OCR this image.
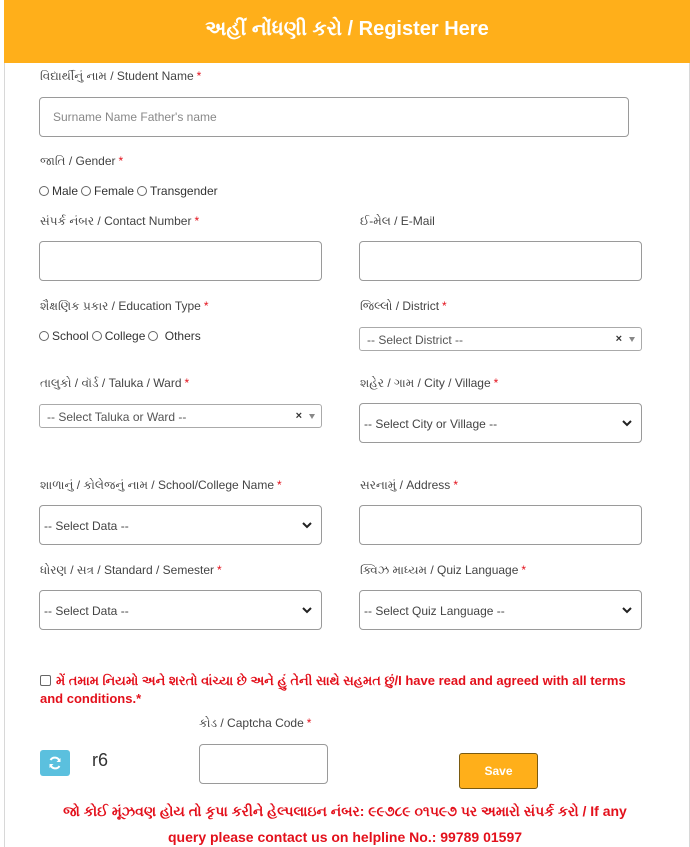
અહીં નોંધણી કરો / Register Here
વિદ્યાર્થીનું નામ / Student Name *
Surname Name Father's name
જાતિ / Gender *
Male Female Transgender
સંપર્ક નંબર / Contact Number *	ઈ-મેલ / E-Mail
શૈક્ષણિક પ્રકાર / Education Type *
School College Others
જિલ્લો / District *
-- Select District --	×
તાલુકો / વૉર્ડ / Taluka / Ward *
-- Select Taluka or Ward --	×
શહેર / ગામ / City / Village *
-- Select City or Village --
શાળાનું / કોલેજનું નામ / School/College Name *
-- Select Data --
સરનામું / Address *
ધોરણ / સત્ર / Standard / Semester *
-- Select Data --
ક્વિઝ માધ્યમ / Quiz Language *
-- Select Quiz Language --
મેં તમામ નિયમો અને શરતો વાંચ્યા છે અને હું તેની સાથે સહમત છું/I have read and agreed with all terms and conditions.*
કોડ / Captcha Code *
r6
Save
જો કોઈ મૂંઝવણ હોય તો કૃપા કરીને હેલ્પલાઇન નંબર: ૯૯૭૮૯ ૦૧૫૯૭ પર અમારો સંપર્ક કરો / If any
query please contact us on helpline No.: 99789 01597
